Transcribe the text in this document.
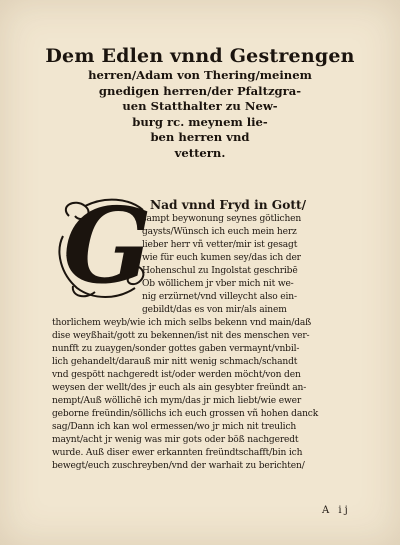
Dem Edlen vnnd Gestrengen
herren/Adam von Thering/meinem
gnedigen herren/der Pfaltzgra-
uen Statthalter zu New-
burg rc. meynem lie-
ben herren vnd
vettern.
G
Nad vnnd Fryd in Gott/
sampt beywonung seynes götlichen
gaysts/Wünsch ich euch mein herz
lieber herr vñ vetter/mir ist gesagt
wie für euch kumen sey/das ich der
Hohenschul zu Ingolstat geschribē
Ob wöllichem jr vber mich nit we-
nig erzürnet/vnd villeycht also ein-
gebildt/das es von mir/als ainem
thorlichem weyb/wie ich mich selbs bekenn vnd main/daß
dise weyßhait/gott zu bekennen/ist nit des menschen ver-
nunfft zu zuaygen/sonder gottes gaben vermaynt/vnbil-
lich gehandelt/darauß mir nitt wenig schmach/schandt
vnd gespött nachgeredt ist/oder werden möcht/von den
weysen der wellt/des jr euch als ain gesybter freündt an-
nempt/Auß wöllichē ich mym/das jr mich liebt/wie ewer
geborne freündin/söllichs ich euch grossen vñ hohen danck
sag/Dann ich kan wol ermessen/wo jr mich nit treulich
maynt/acht jr wenig was mir gots oder böß nachgeredt
wurde. Auß diser ewer erkannten freündtschafft/bin ich
bewegt/euch zuschreyben/vnd der warhait zu berichten/
A ij
